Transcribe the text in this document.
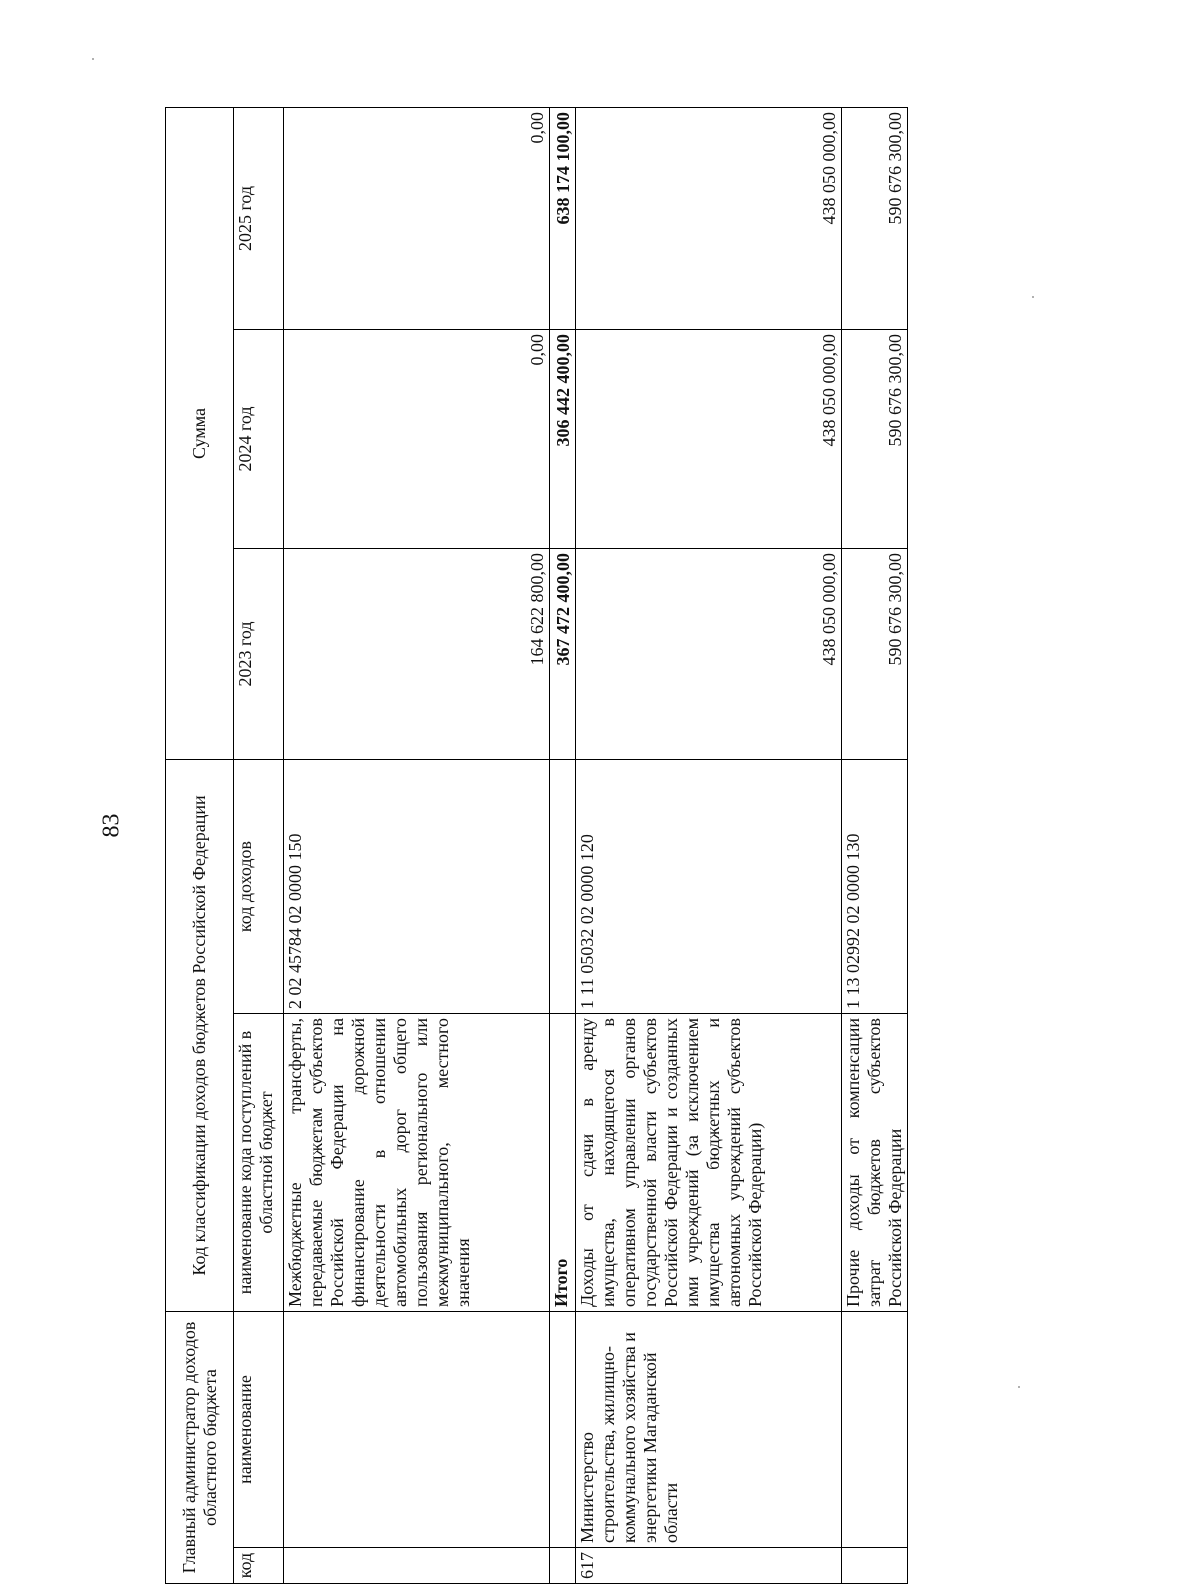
83
Главный администратор доходов областного бюджета		Код классификации доходов бюджетов Российской Федерации		Сумма		
код	наименование	наименование кода поступлений в областной бюджет	код доходов	2023 год	2024 год	2025 год
		Межбюджетные трансферты, передаваемые бюджетам субъектов Российской Федерации на финансирование дорожной деятельности в отношении автомобильных дорог общего пользования регионального или межмуниципального, местного значения	2 02 45784 02 0000 150	164 622 800,00	0,00	0,00
		Итого		367 472 400,00	306 442 400,00	638 174 100,00
617	Министерство строительства, жилищно-коммунального хозяйства и энергетики Магаданской области	Доходы от сдачи в аренду имущества, находящегося в оперативном управлении органов государственной власти субъектов Российской Федерации и созданных ими учреждений (за исключением имущества бюджетных и автономных учреждений субъектов Российской Федерации)	1 11 05032 02 0000 120	438 050 000,00	438 050 000,00	438 050 000,00
		Прочие доходы от компенсации затрат бюджетов субъектов Российской Федерации	1 13 02992 02 0000 130	590 676 300,00	590 676 300,00	590 676 300,00
